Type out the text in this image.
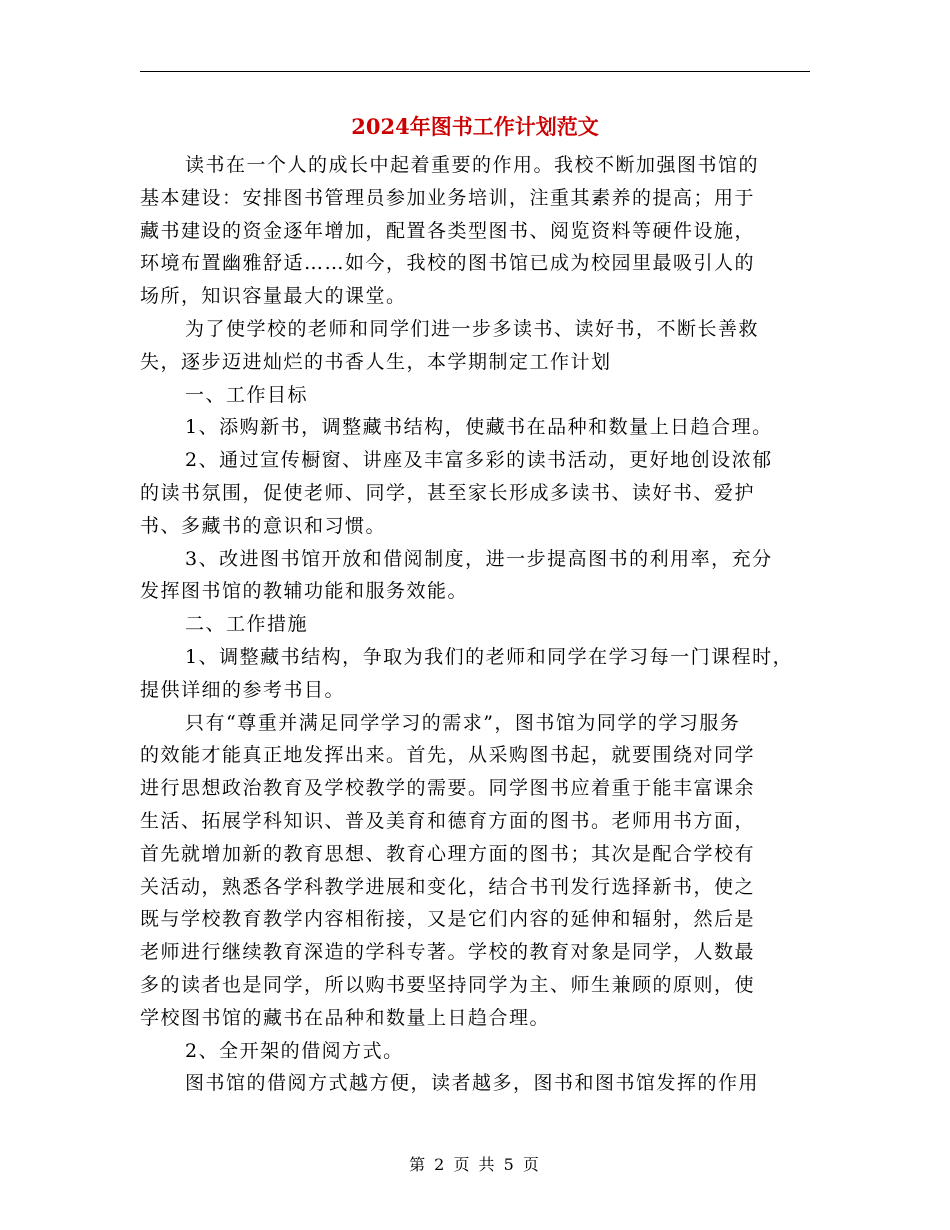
2024年图书工作计划范文

读书在一个人的成长中起着重要的作用。我校不断加强图书馆的

基本建设：安排图书管理员参加业务培训，注重其素养的提高；用于

藏书建设的资金逐年增加，配置各类型图书、阅览资料等硬件设施，

环境布置幽雅舒适……如今，我校的图书馆已成为校园里最吸引人的

场所，知识容量最大的课堂。

为了使学校的老师和同学们进一步多读书、读好书，不断长善救

失，逐步迈进灿烂的书香人生，本学期制定工作计划

一、工作目标

1、添购新书，调整藏书结构，使藏书在品种和数量上日趋合理。

2、通过宣传橱窗、讲座及丰富多彩的读书活动，更好地创设浓郁

的读书氛围，促使老师、同学，甚至家长形成多读书、读好书、爱护

书、多藏书的意识和习惯。

3、改进图书馆开放和借阅制度，进一步提高图书的利用率，充分

发挥图书馆的教辅功能和服务效能。

二、工作措施

1、调整藏书结构，争取为我们的老师和同学在学习每一门课程时，

提供详细的参考书目。

只有“尊重并满足同学学习的需求”，图书馆为同学的学习服务

的效能才能真正地发挥出来。首先，从采购图书起，就要围绕对同学

进行思想政治教育及学校教学的需要。同学图书应着重于能丰富课余

生活、拓展学科知识、普及美育和德育方面的图书。老师用书方面，

首先就增加新的教育思想、教育心理方面的图书；其次是配合学校有

关活动，熟悉各学科教学进展和变化，结合书刊发行选择新书，使之

既与学校教育教学内容相衔接，又是它们内容的延伸和辐射，然后是

老师进行继续教育深造的学科专著。学校的教育对象是同学，人数最

多的读者也是同学，所以购书要坚持同学为主、师生兼顾的原则，使

学校图书馆的藏书在品种和数量上日趋合理。

2、全开架的借阅方式。

图书馆的借阅方式越方便，读者越多，图书和图书馆发挥的作用

第 2 页 共 5 页
